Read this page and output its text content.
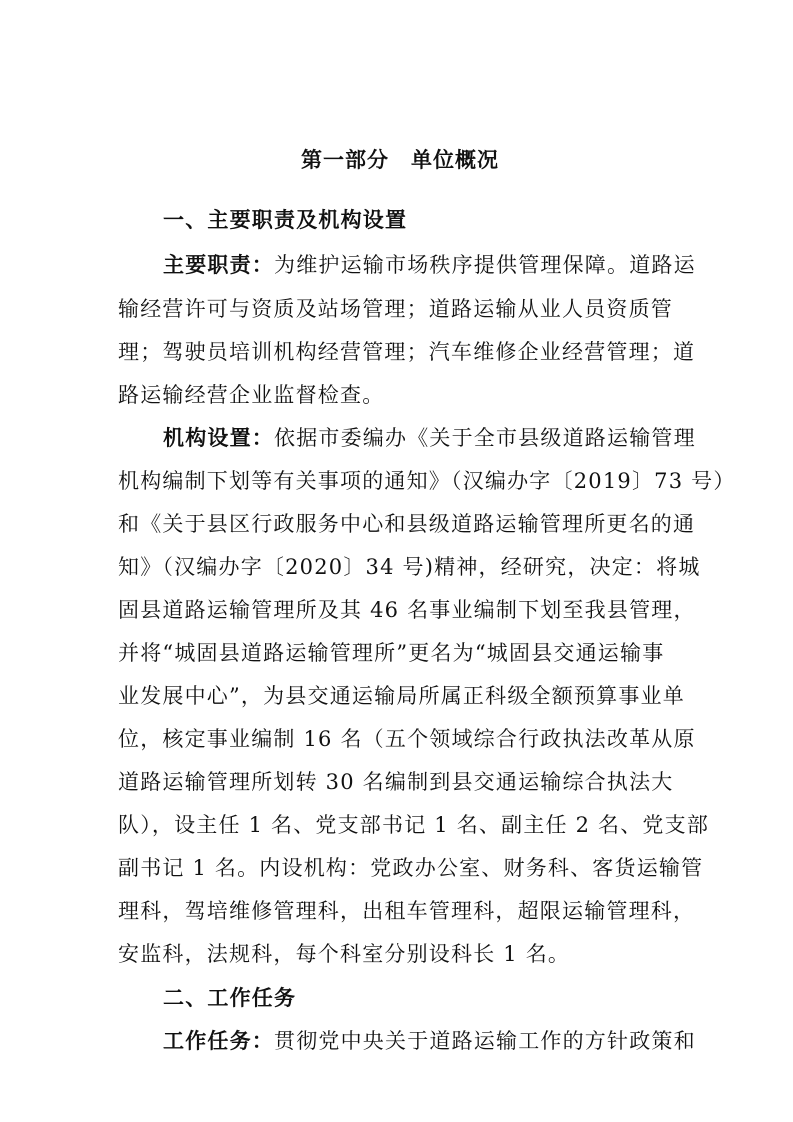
第一部分　单位概况
一、主要职责及机构设置
主要职责：为维护运输市场秩序提供管理保障。道路运
输经营许可与资质及站场管理；道路运输从业人员资质管
理；驾驶员培训机构经营管理；汽车维修企业经营管理；道
路运输经营企业监督检查。
机构设置：依据市委编办《关于全市县级道路运输管理
机构编制下划等有关事项的通知》（汉编办字〔2019〕73 号）
和《关于县区行政服务中心和县级道路运输管理所更名的通
知》（汉编办字〔2020〕34 号)精神，经研究，决定：将城
固县道路运输管理所及其 46 名事业编制下划至我县管理，
并将“城固县道路运输管理所”更名为“城固县交通运输事
业发展中心”，为县交通运输局所属正科级全额预算事业单
位，核定事业编制 16 名（五个领域综合行政执法改革从原
道路运输管理所划转 30 名编制到县交通运输综合执法大
队），设主任 1 名、党支部书记 1 名、副主任 2 名、党支部
副书记 1 名。内设机构：党政办公室、财务科、客货运输管
理科，驾培维修管理科，出租车管理科，超限运输管理科，
安监科，法规科，每个科室分别设科长 1 名。
二、工作任务
工作任务：贯彻党中央关于道路运输工作的方针政策和
